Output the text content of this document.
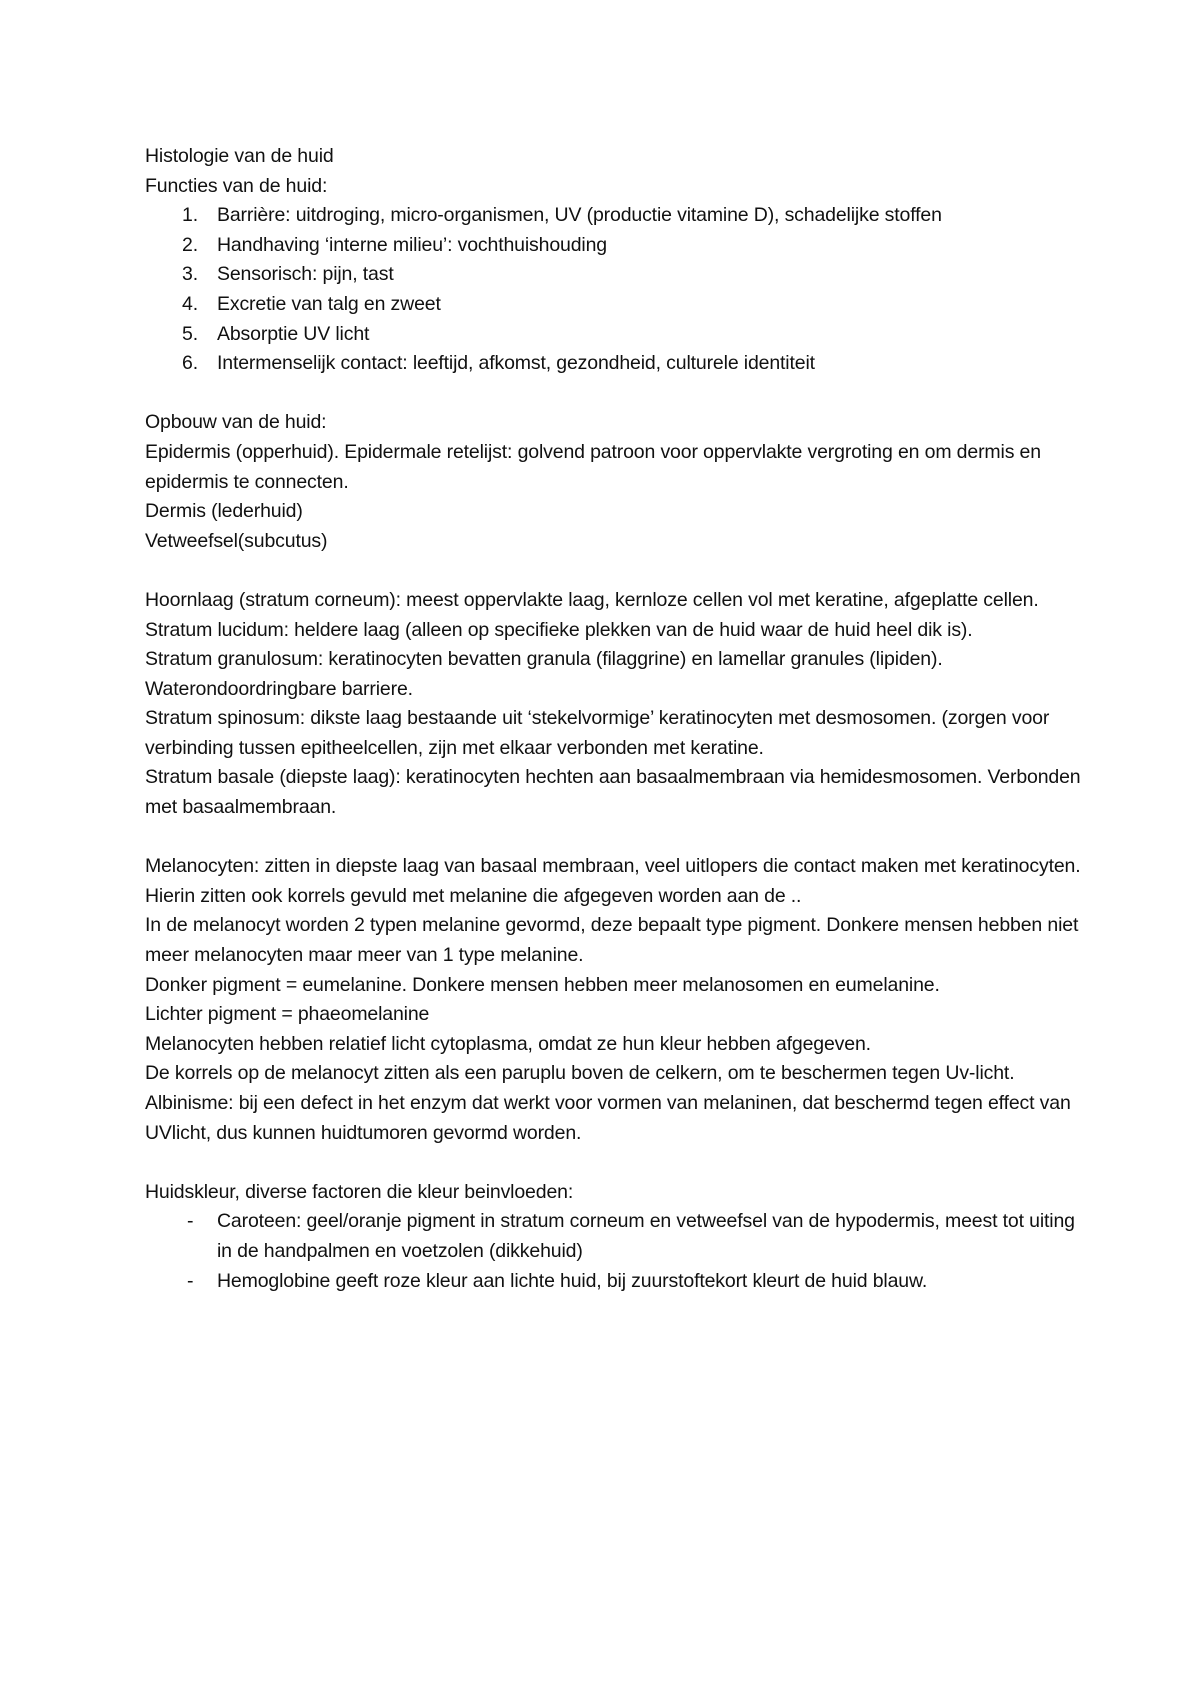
Histologie van de huid

Functies van de huid:

1. Barrière: uitdroging, micro-organismen, UV (productie vitamine D), schadelijke stoffen
2. Handhaving ‘interne milieu’: vochthuishouding
3. Sensorisch: pijn, tast
4. Excretie van talg en zweet
5. Absorptie UV licht
6. Intermenselijk contact: leeftijd, afkomst, gezondheid, culturele identiteit

Opbouw van de huid:

Epidermis (opperhuid). Epidermale retelijst: golvend patroon voor oppervlakte vergroting en om dermis en epidermis te connecten.

Dermis (lederhuid)

Vetweefsel(subcutus)

Hoornlaag (stratum corneum): meest oppervlakte laag, kernloze cellen vol met keratine, afgeplatte cellen.

Stratum lucidum: heldere laag (alleen op specifieke plekken van de huid waar de huid heel dik is).

Stratum granulosum: keratinocyten bevatten granula (filaggrine) en lamellar granules (lipiden). Waterondoordringbare barriere.

Stratum spinosum: dikste laag bestaande uit ‘stekelvormige’ keratinocyten met desmosomen. (zorgen voor verbinding tussen epitheelcellen, zijn met elkaar verbonden met keratine.

Stratum basale (diepste laag): keratinocyten hechten aan basaalmembraan via hemidesmosomen. Verbonden met basaalmembraan.

Melanocyten: zitten in diepste laag van basaal membraan, veel uitlopers die contact maken met keratinocyten. Hierin zitten ook korrels gevuld met melanine die afgegeven worden aan de ..

In de melanocyt worden 2 typen melanine gevormd, deze bepaalt type pigment. Donkere mensen hebben niet meer melanocyten maar meer van 1 type melanine.

Donker pigment = eumelanine. Donkere mensen hebben meer melanosomen en eumelanine.

Lichter pigment = phaeomelanine

Melanocyten hebben relatief licht cytoplasma, omdat ze hun kleur hebben afgegeven.

De korrels op de melanocyt zitten als een paruplu boven de celkern, om te beschermen tegen Uv-licht.

Albinisme: bij een defect in het enzym dat werkt voor vormen van melaninen, dat beschermd tegen effect van UVlicht, dus kunnen huidtumoren gevormd worden.

Huidskleur, diverse factoren die kleur beinvloeden:

-	Caroteen: geel/oranje pigment in stratum corneum en vetweefsel van de hypodermis, meest tot uiting in de handpalmen en voetzolen (dikkehuid)
-	Hemoglobine geeft roze kleur aan lichte huid, bij zuurstoftekort kleurt de huid blauw.
